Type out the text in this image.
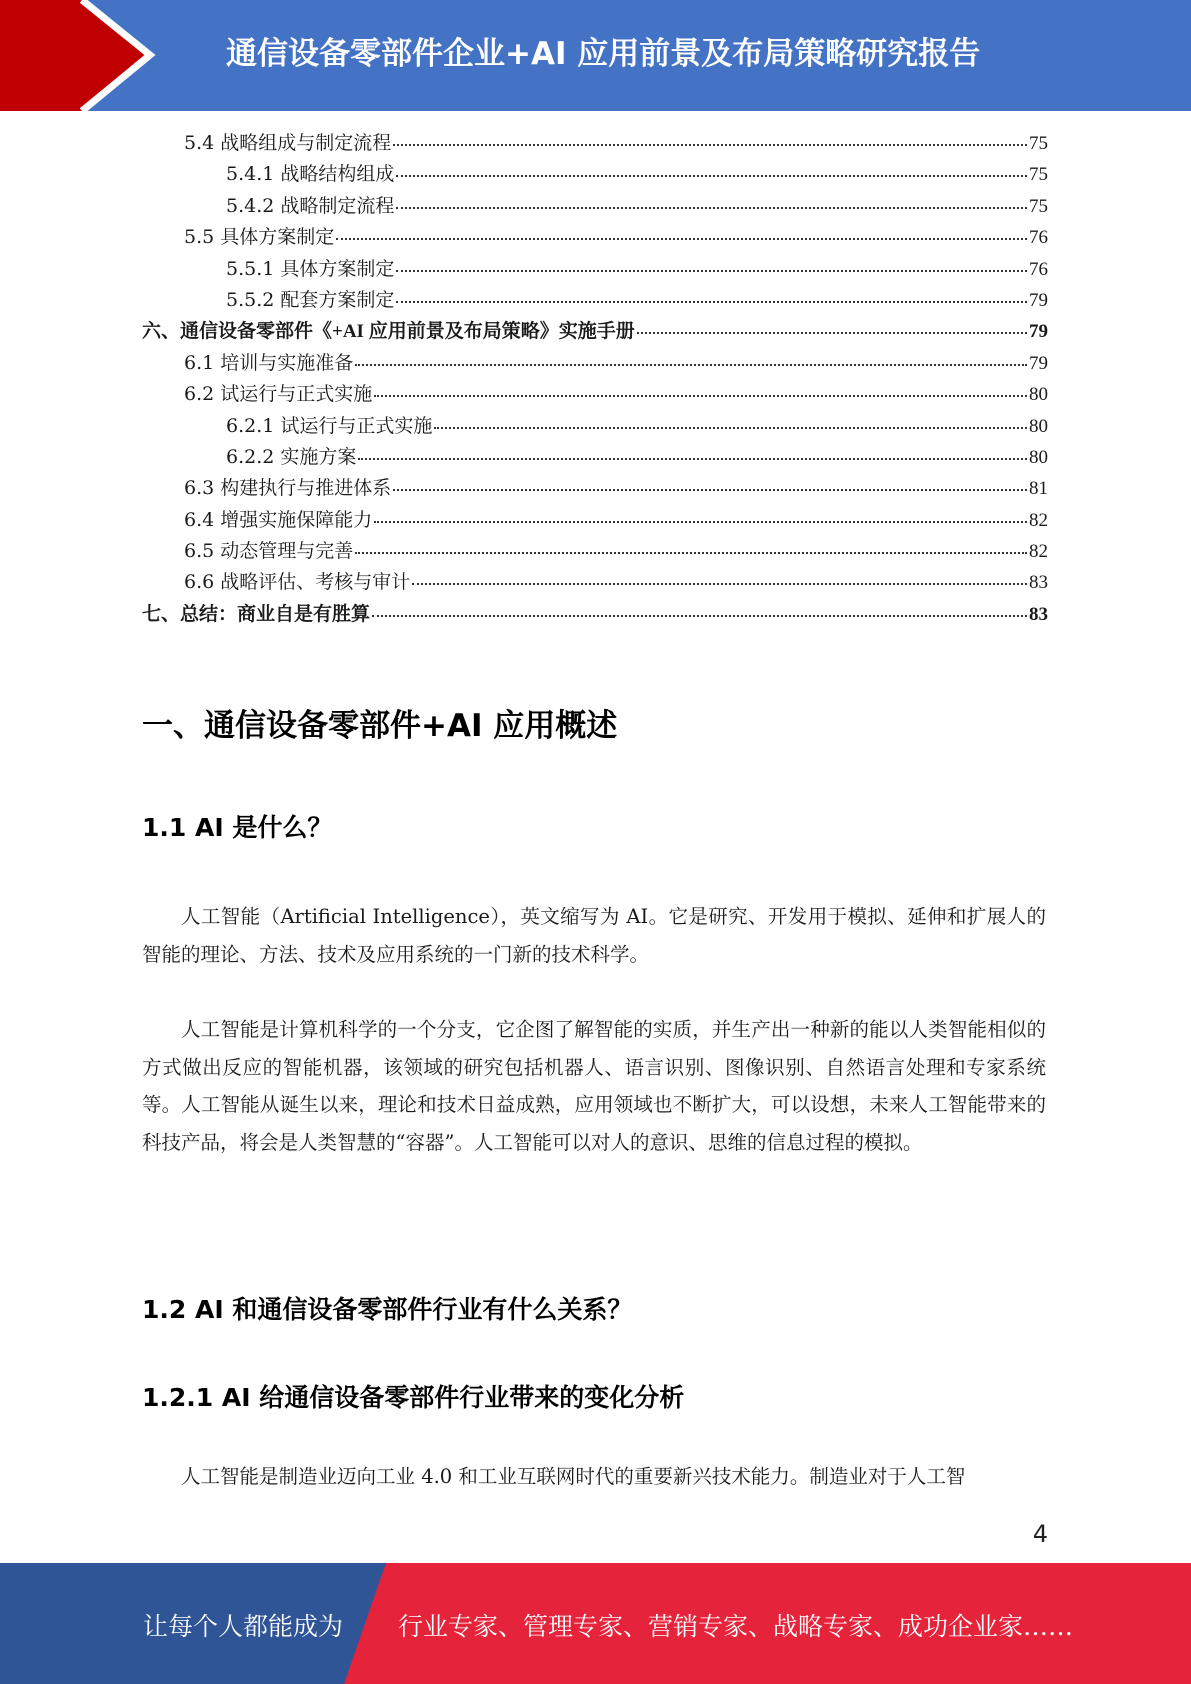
通信设备零部件企业+AI 应用前景及布局策略研究报告
5.4 战略组成与制定流程	75
5.4.1 战略结构组成	75
5.4.2 战略制定流程	75
5.5 具体方案制定	76
5.5.1 具体方案制定	76
5.5.2 配套方案制定	79
六、通信设备零部件《+AI 应用前景及布局策略》实施手册	79
6.1 培训与实施准备	79
6.2 试运行与正式实施	80
6.2.1 试运行与正式实施	80
6.2.2 实施方案	80
6.3 构建执行与推进体系	81
6.4 增强实施保障能力	82
6.5 动态管理与完善	82
6.6 战略评估、考核与审计	83
七、总结：商业自是有胜算	83
一、通信设备零部件+AI 应用概述
1.1 AI 是什么？
人工智能（Artificial Intelligence），英文缩写为 AI。它是研究、开发用于模拟、延伸和扩展人的智能的理论、方法、技术及应用系统的一门新的技术科学。
人工智能是计算机科学的一个分支，它企图了解智能的实质，并生产出一种新的能以人类智能相似的方式做出反应的智能机器，该领域的研究包括机器人、语言识别、图像识别、自然语言处理和专家系统等。人工智能从诞生以来，理论和技术日益成熟，应用领域也不断扩大，可以设想，未来人工智能带来的科技产品，将会是人类智慧的“容器”。人工智能可以对人的意识、思维的信息过程的模拟。
1.2 AI 和通信设备零部件行业有什么关系？
1.2.1 AI 给通信设备零部件行业带来的变化分析
人工智能是制造业迈向工业 4.0 和工业互联网时代的重要新兴技术能力。制造业对于人工智
4
让每个人都能成为 行业专家、管理专家、营销专家、战略专家、成功企业家……
